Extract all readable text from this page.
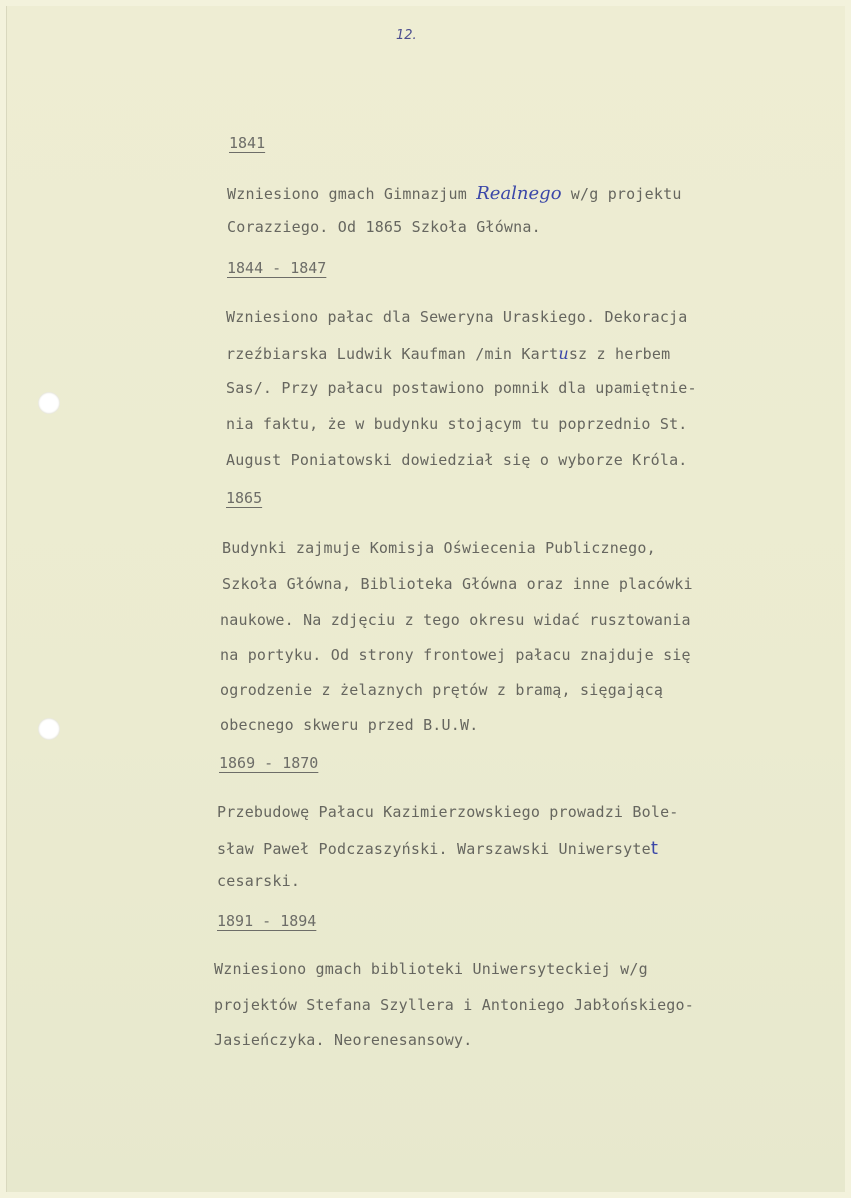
12.
1841
Wzniesiono gmach Gimnazjum Realnego w/g projektu
Corazziego. Od 1865 Szkoła Główna.
1844 - 1847
Wzniesiono pałac dla Seweryna Uraskiego. Dekoracja
rzeźbiarska Ludwik Kaufman /min Kartusz z herbem
Sas/. Przy pałacu postawiono pomnik dla upamiętnie-
nia faktu, że w budynku stojącym tu poprzednio St.
August Poniatowski dowiedział się o wyborze Króla.
1865
Budynki zajmuje Komisja Oświecenia Publicznego,
Szkoła Główna, Biblioteka Główna oraz inne placówki
naukowe. Na zdjęciu z tego okresu widać rusztowania
na portyku. Od strony frontowej pałacu znajduje się
ogrodzenie z żelaznych prętów z bramą, sięgającą
obecnego skweru przed B.U.W.
1869 - 1870
Przebudowę Pałacu Kazimierzowskiego prowadzi Bole-
sław Paweł Podczaszyński. Warszawski Uniwersytet
cesarski.
1891 - 1894
Wzniesiono gmach biblioteki Uniwersyteckiej w/g
projektów Stefana Szyllera i Antoniego Jabłońskiego-
Jasieńczyka. Neorenesansowy.
